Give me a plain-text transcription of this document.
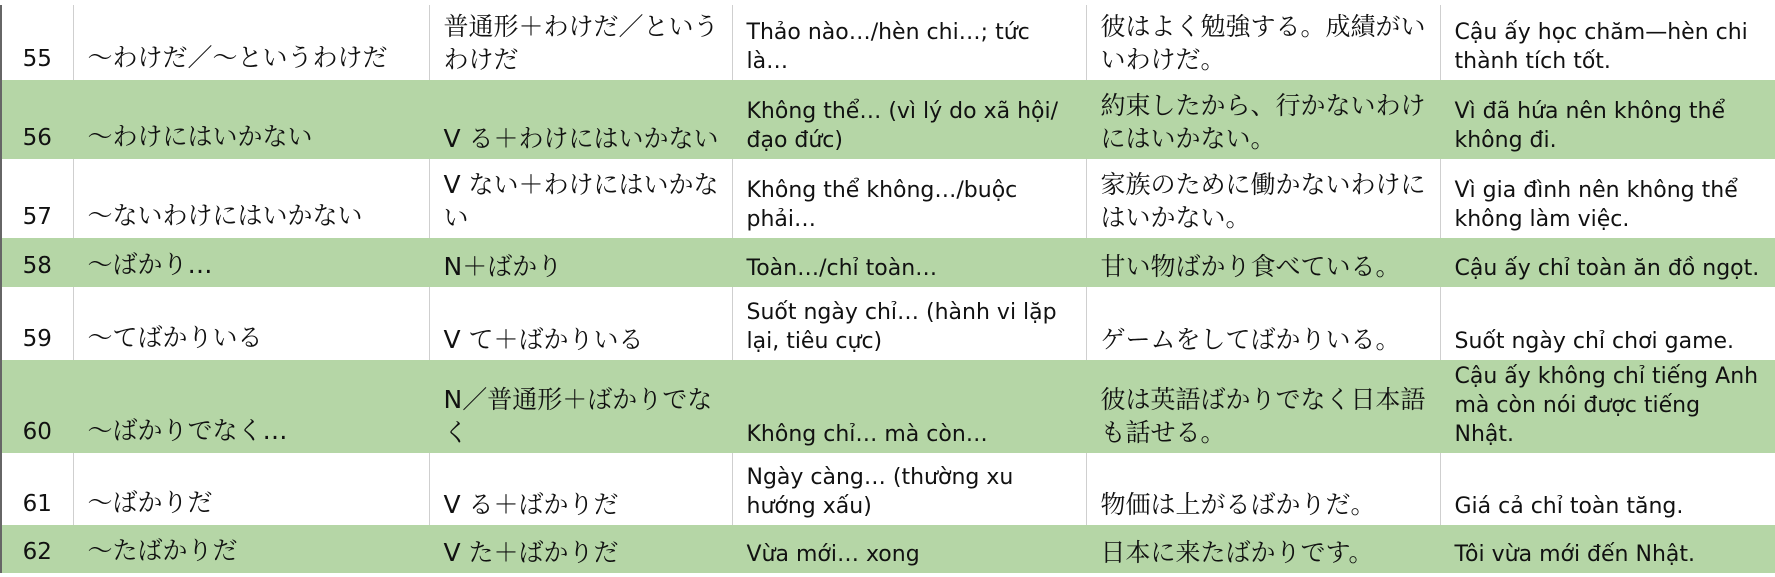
55	～わけだ／～というわけだ	普通形＋わけだ／というわけだ	Thảo nào…/hèn chi…; tức là…	彼はよく勉強する。成績がいいわけだ。	Cậu ấy học chăm—hèn chi thành tích tốt.
56	～わけにはいかない	V る＋わけにはいかない	Không thể… (vì lý do xã hội/đạo đức)	約束したから、行かないわけにはいかない。	Vì đã hứa nên không thể không đi.
57	～ないわけにはいかない	V ない＋わけにはいかない	Không thể không…/buộc phải…	家族のために働かないわけにはいかない。	Vì gia đình nên không thể không làm việc.
58	～ばかり…	N＋ばかり	Toàn…/chỉ toàn…	甘い物ばかり食べている。	Cậu ấy chỉ toàn ăn đồ ngọt.
59	～てばかりいる	V て＋ばかりいる	Suốt ngày chỉ… (hành vi lặp lại, tiêu cực)	ゲームをしてばかりいる。	Suốt ngày chỉ chơi game.
60	～ばかりでなく…	N／普通形＋ばかりでなく	Không chỉ… mà còn…	彼は英語ばかりでなく日本語も話せる。	Cậu ấy không chỉ tiếng Anh mà còn nói được tiếng Nhật.
61	～ばかりだ	V る＋ばかりだ	Ngày càng… (thường xu hướng xấu)	物価は上がるばかりだ。	Giá cả chỉ toàn tăng.
62	～たばかりだ	V た＋ばかりだ	Vừa mới… xong	日本に来たばかりです。	Tôi vừa mới đến Nhật.
